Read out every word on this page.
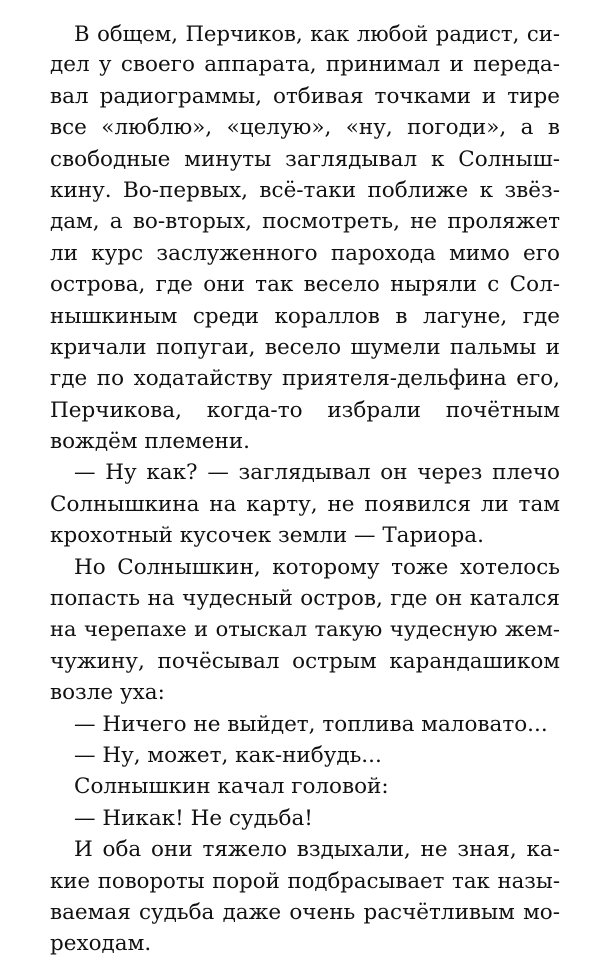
В общем, Перчиков, как любой радист, си-
дел у своего аппарата, принимал и переда-
вал радиограммы, отбивая точками и тире
все «люблю», «целую», «ну, погоди», а в
свободные минуты заглядывал к Солныш-
кину. Во-первых, всё-таки поближе к звёз-
дам, а во-вторых, посмотреть, не проляжет
ли курс заслуженного парохода мимо его
острова, где они так весело ныряли с Сол-
нышкиным среди кораллов в лагуне, где
кричали попугаи, весело шумели пальмы и
где по ходатайству приятеля-дельфина его,
Перчикова, когда-то избрали почётным
вождём племени.
— Ну как? — заглядывал он через плечо
Солнышкина на карту, не появился ли там
крохотный кусочек земли — Тариора.
Но Солнышкин, которому тоже хотелось
попасть на чудесный остров, где он катался
на черепахе и отыскал такую чудесную жем-
чужину, почёсывал острым карандашиком
возле уха:
— Ничего не выйдет, топлива маловато...
— Ну, может, как-нибудь...
Солнышкин качал головой:
— Никак! Не судьба!
И оба они тяжело вздыхали, не зная, ка-
кие повороты порой подбрасывает так назы-
ваемая судьба даже очень расчётливым мо-
реходам.
